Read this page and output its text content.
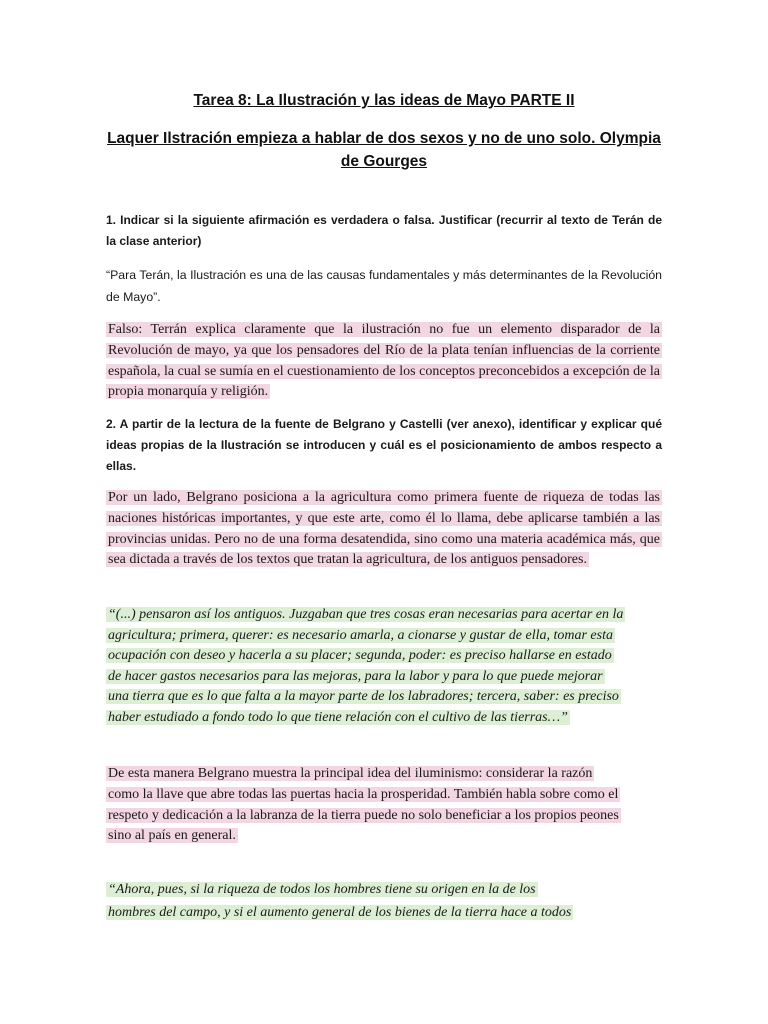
Tarea 8: La Ilustración y las ideas de Mayo PARTE II
Laquer Ilstración empieza a hablar de dos sexos y no de uno solo. Olympia
de Gourges
1. Indicar si la siguiente afirmación es verdadera o falsa. Justificar (recurrir al texto de Terán de la clase anterior)
“Para Terán, la Ilustración es una de las causas fundamentales y más determinantes de la Revolución de Mayo”.
Falso: Terrán explica claramente que la ilustración no fue un elemento disparador de la Revolución de mayo, ya que los pensadores del Río de la plata tenían influencias de la corriente española, la cual se sumía en el cuestionamiento de los conceptos preconcebidos a excepción de la propia monarquía y religión.
2. A partir de la lectura de la fuente de Belgrano y Castelli (ver anexo), identificar y explicar qué ideas propias de la Ilustración se introducen y cuál es el posicionamiento de ambos respecto a ellas.
Por un lado, Belgrano posiciona a la agricultura como primera fuente de riqueza de todas las naciones históricas importantes, y que este arte, como él lo llama, debe aplicarse también a las provincias unidas. Pero no de una forma desatendida, sino como una materia académica más, que sea dictada a través de los textos que tratan la agricultura, de los antiguos pensadores.
“(...) pensaron así los antiguos. Juzgaban que tres cosas eran necesarias para acertar en la
agricultura; primera, querer: es necesario amarla, a cionarse y gustar de ella, tomar esta
ocupación con deseo y hacerla a su placer; segunda, poder: es preciso hallarse en estado
de hacer gastos necesarios para las mejoras, para la labor y para lo que puede mejorar
una tierra que es lo que falta a la mayor parte de los labradores; tercera, saber: es preciso
haber estudiado a fondo todo lo que tiene relación con el cultivo de las tierras…”
De esta manera Belgrano muestra la principal idea del iluminismo: considerar la razón
como la llave que abre todas las puertas hacia la prosperidad. También habla sobre como el
respeto y dedicación a la labranza de la tierra puede no solo beneficiar a los propios peones
sino al país en general.
“Ahora, pues, si la riqueza de todos los hombres tiene su origen en la de los
hombres del campo, y si el aumento general de los bienes de la tierra hace a todos
